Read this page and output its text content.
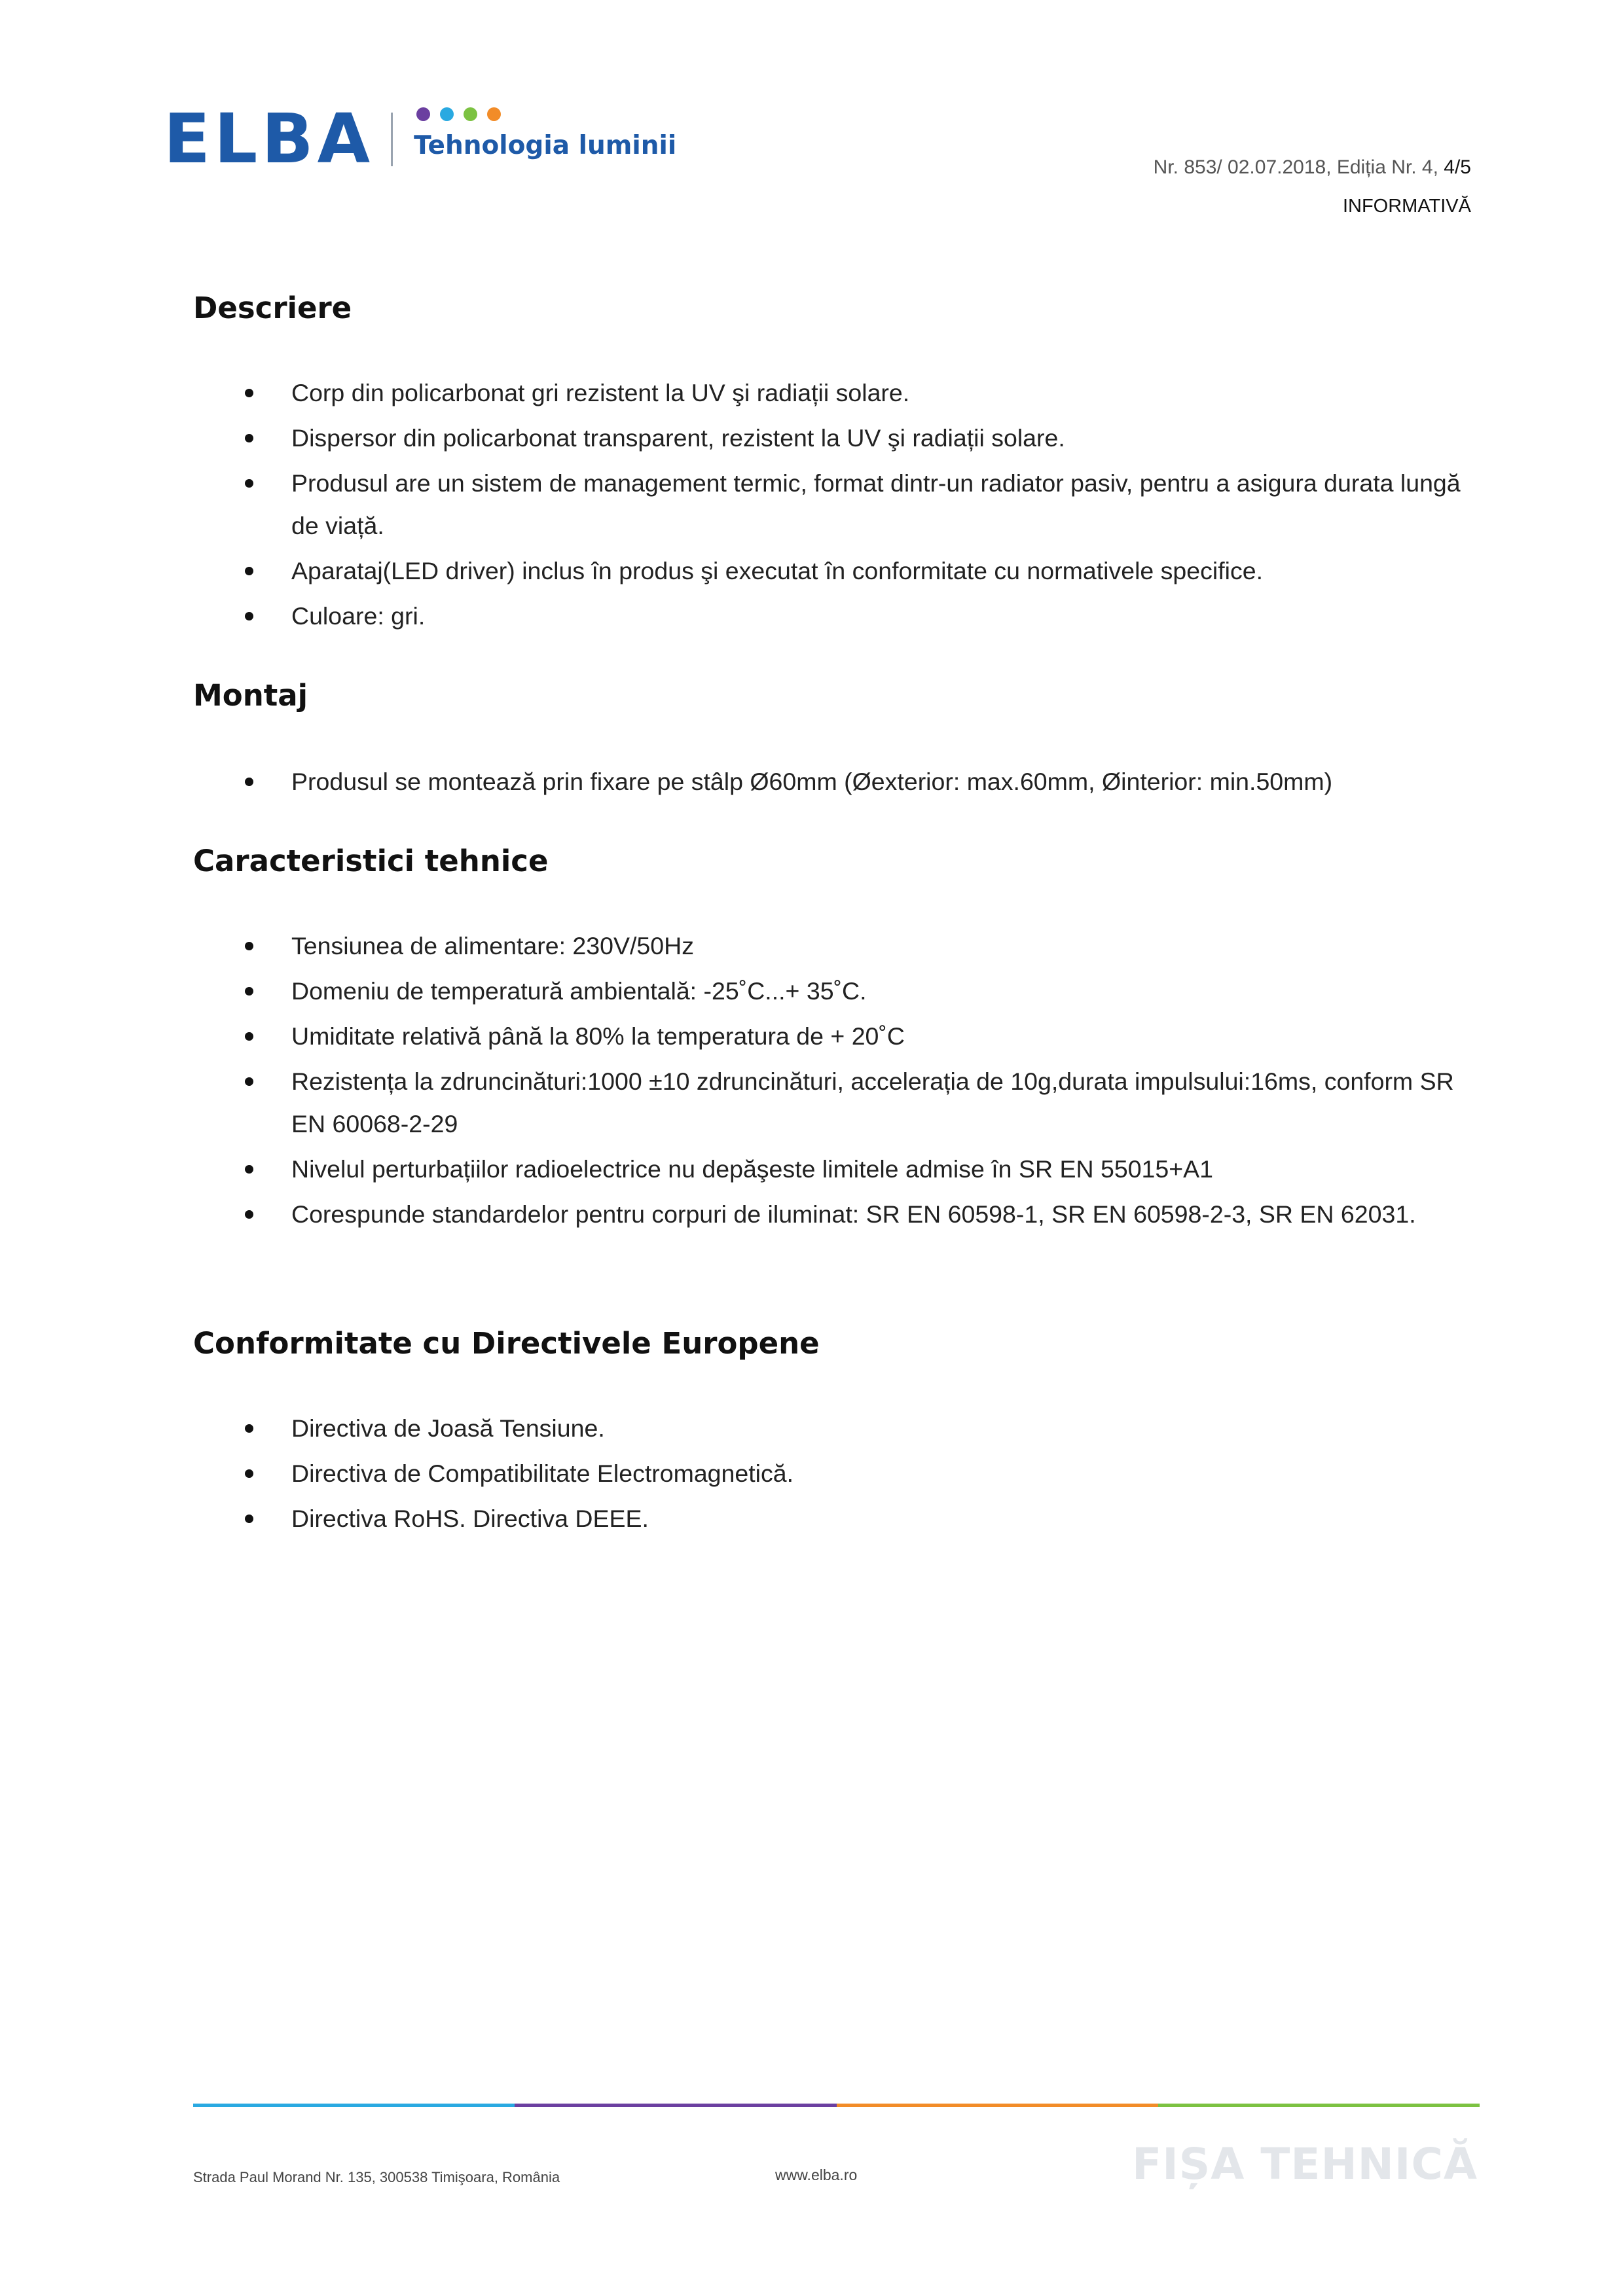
ELBA Tehnologia luminii
Nr. 853/ 02.07.2018, Ediția Nr. 4, 4/5
INFORMATIVĂ
Descriere
Corp din policarbonat gri rezistent la UV şi radiații solare.
Dispersor din policarbonat transparent, rezistent la UV şi radiații solare.
Produsul are un sistem de management termic, format dintr-un radiator pasiv, pentru a asigura durata lungă de viață.
Aparataj(LED driver) inclus în produs şi executat în conformitate cu normativele specifice.
Culoare: gri.
Montaj
Produsul se montează prin fixare pe stâlp Ø60mm (Øexterior: max.60mm, Øinterior: min.50mm)
Caracteristici tehnice
Tensiunea de alimentare: 230V/50Hz
Domeniu de temperatură ambientală: -25˚C...+ 35˚C.
Umiditate relativă până la 80% la temperatura de + 20˚C
Rezistența la zdruncinături:1000 ±10 zdruncinături, accelerația de 10g,durata impulsului:16ms, conform SR EN 60068-2-29
Nivelul perturbațiilor radioelectrice nu depăşeste limitele admise în SR EN 55015+A1
Corespunde standardelor pentru corpuri de iluminat: SR EN 60598-1, SR EN 60598-2-3, SR EN 62031.
Conformitate cu Directivele Europene
Directiva de Joasă Tensiune.
Directiva de Compatibilitate Electromagnetică.
Directiva RoHS. Directiva DEEE.
Strada Paul Morand Nr. 135, 300538 Timişoara, România	www.elba.ro	FIȘA TEHNICĂ
